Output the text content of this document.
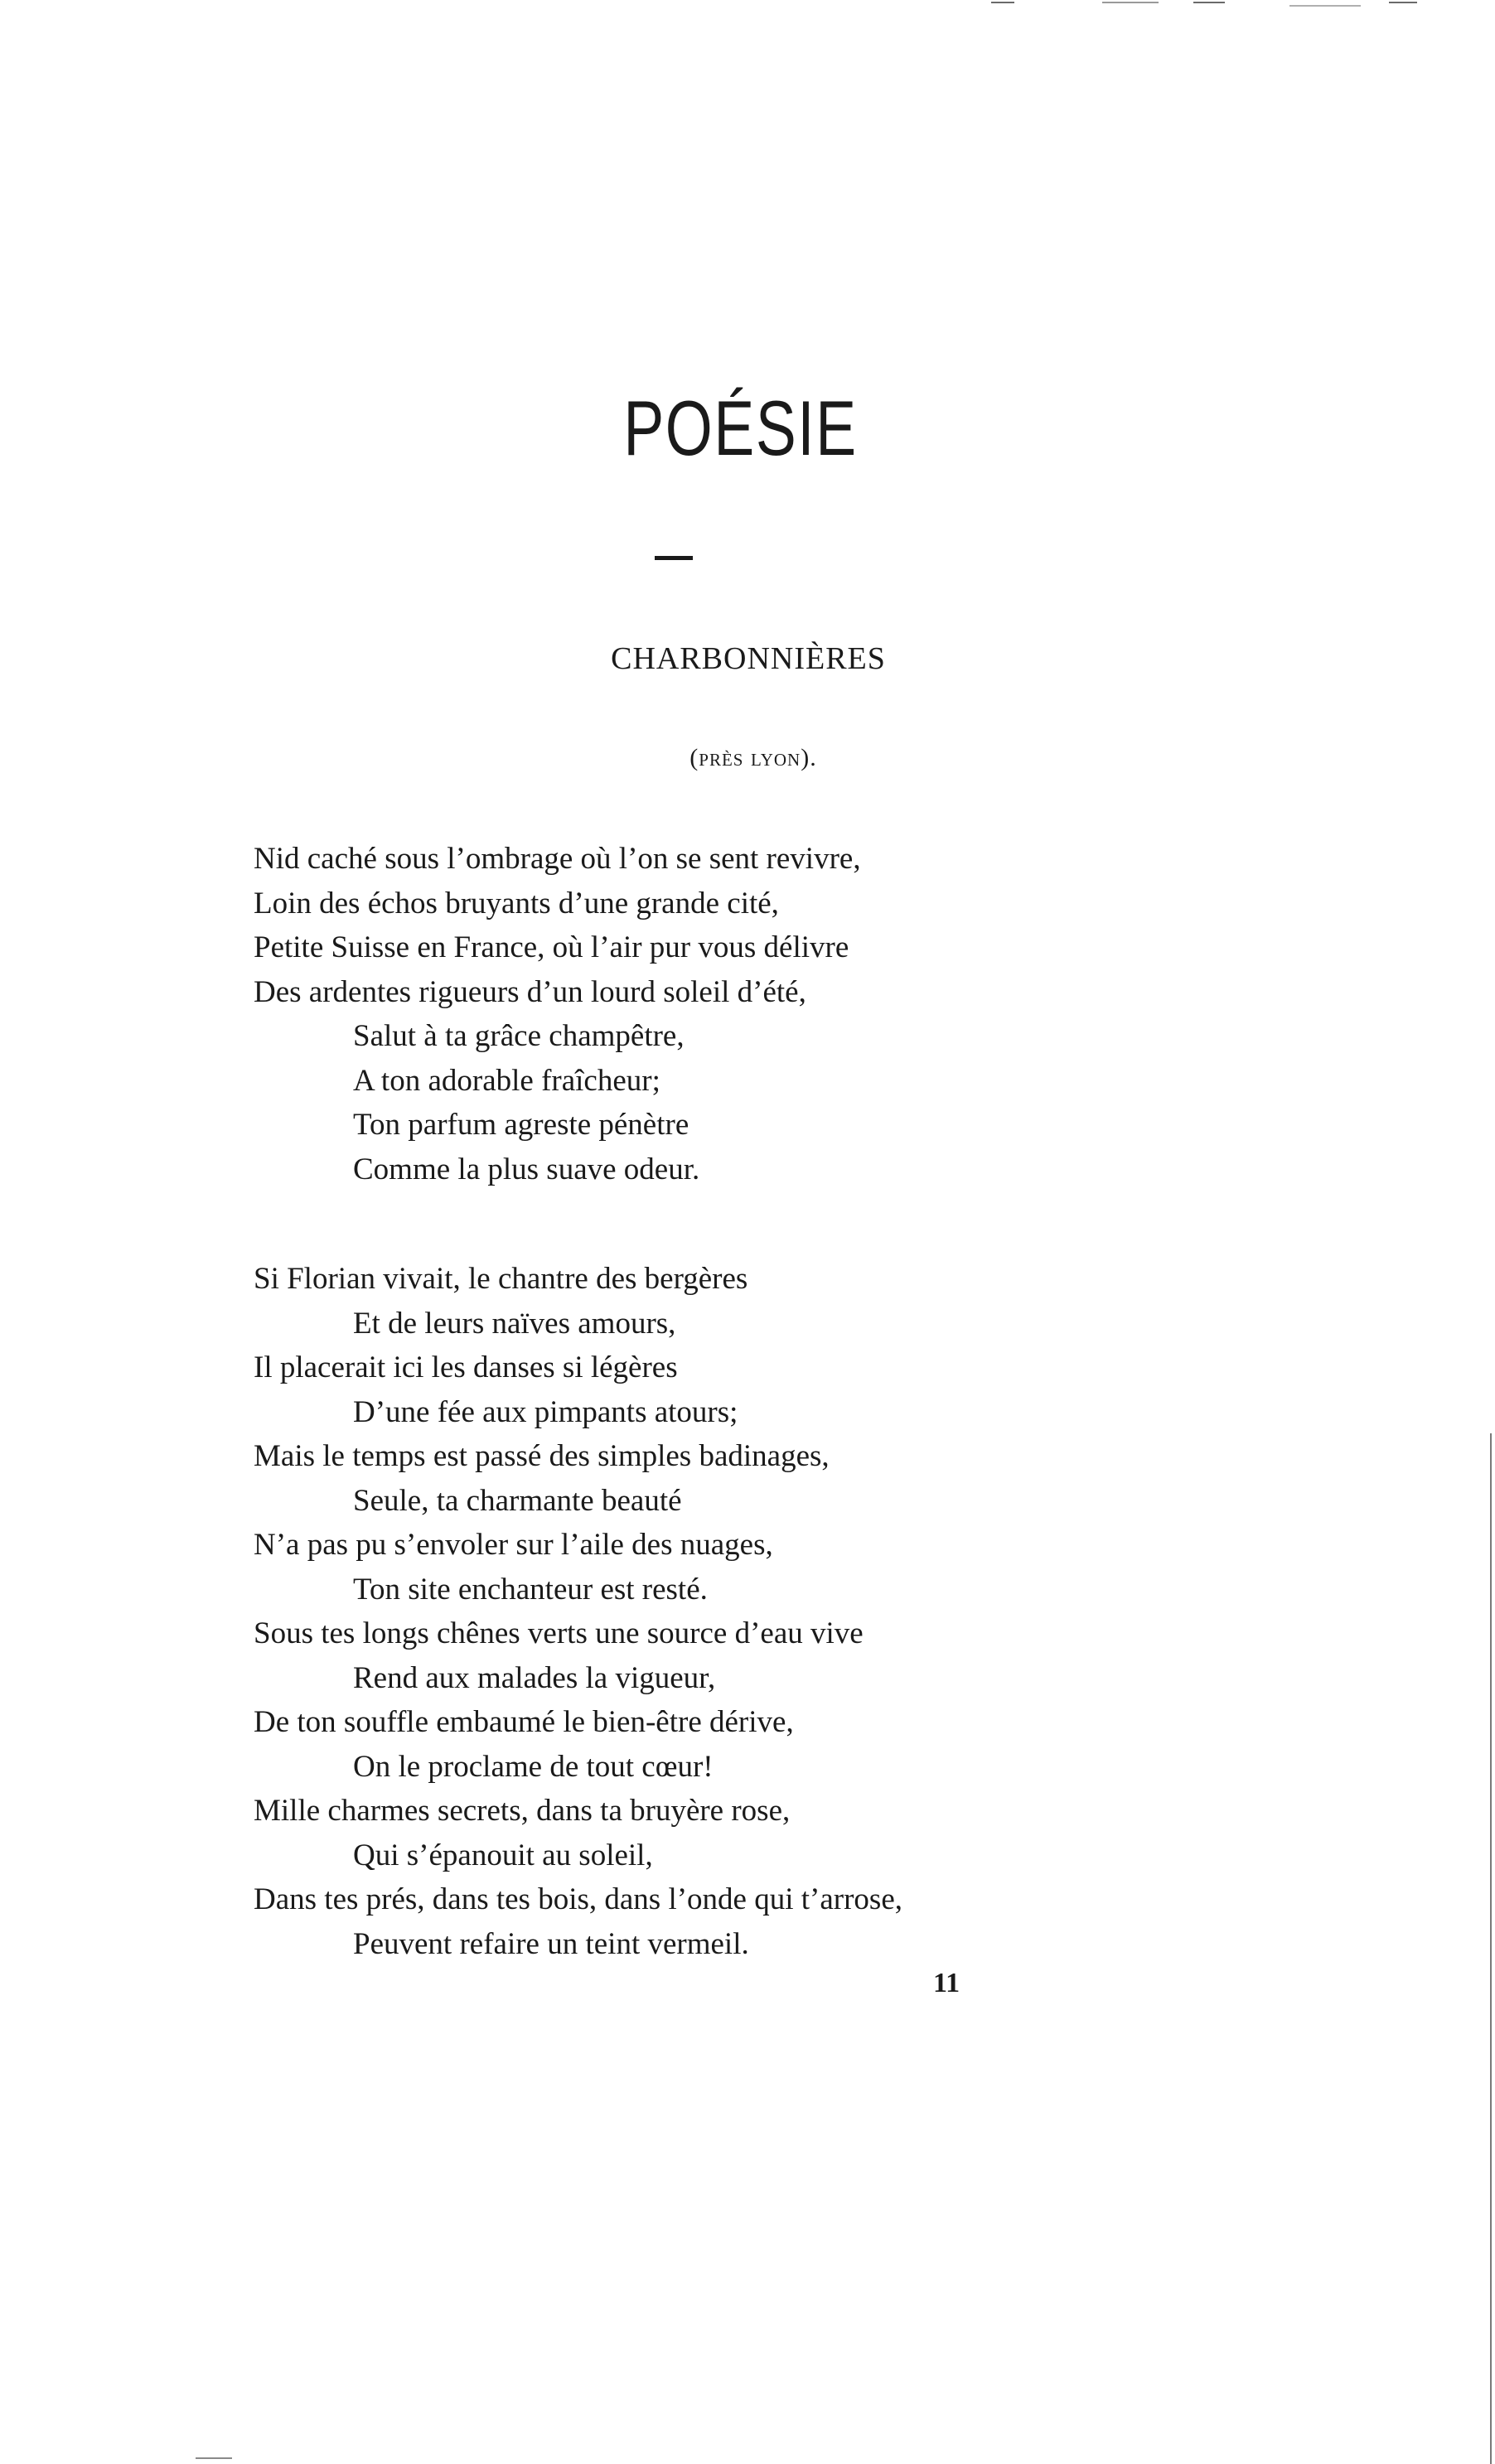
POÉSIE
CHARBONNIÈRES
(près lyon).
Nid caché sous l’ombrage où l’on se sent revivre,
Loin des échos bruyants d’une grande cité,
Petite Suisse en France, où l’air pur vous délivre
Des ardentes rigueurs d’un lourd soleil d’été,
Salut à ta grâce champêtre,
A ton adorable fraîcheur;
Ton parfum agreste pénètre
Comme la plus suave odeur.
Si Florian vivait, le chantre des bergères
Et de leurs naïves amours,
Il placerait ici les danses si légères
D’une fée aux pimpants atours;
Mais le temps est passé des simples badinages,
Seule, ta charmante beauté
N’a pas pu s’envoler sur l’aile des nuages,
Ton site enchanteur est resté.
Sous tes longs chênes verts une source d’eau vive
Rend aux malades la vigueur,
De ton souffle embaumé le bien-être dérive,
On le proclame de tout cœur!
Mille charmes secrets, dans ta bruyère rose,
Qui s’épanouit au soleil,
Dans tes prés, dans tes bois, dans l’onde qui t’arrose,
Peuvent refaire un teint vermeil.
11
